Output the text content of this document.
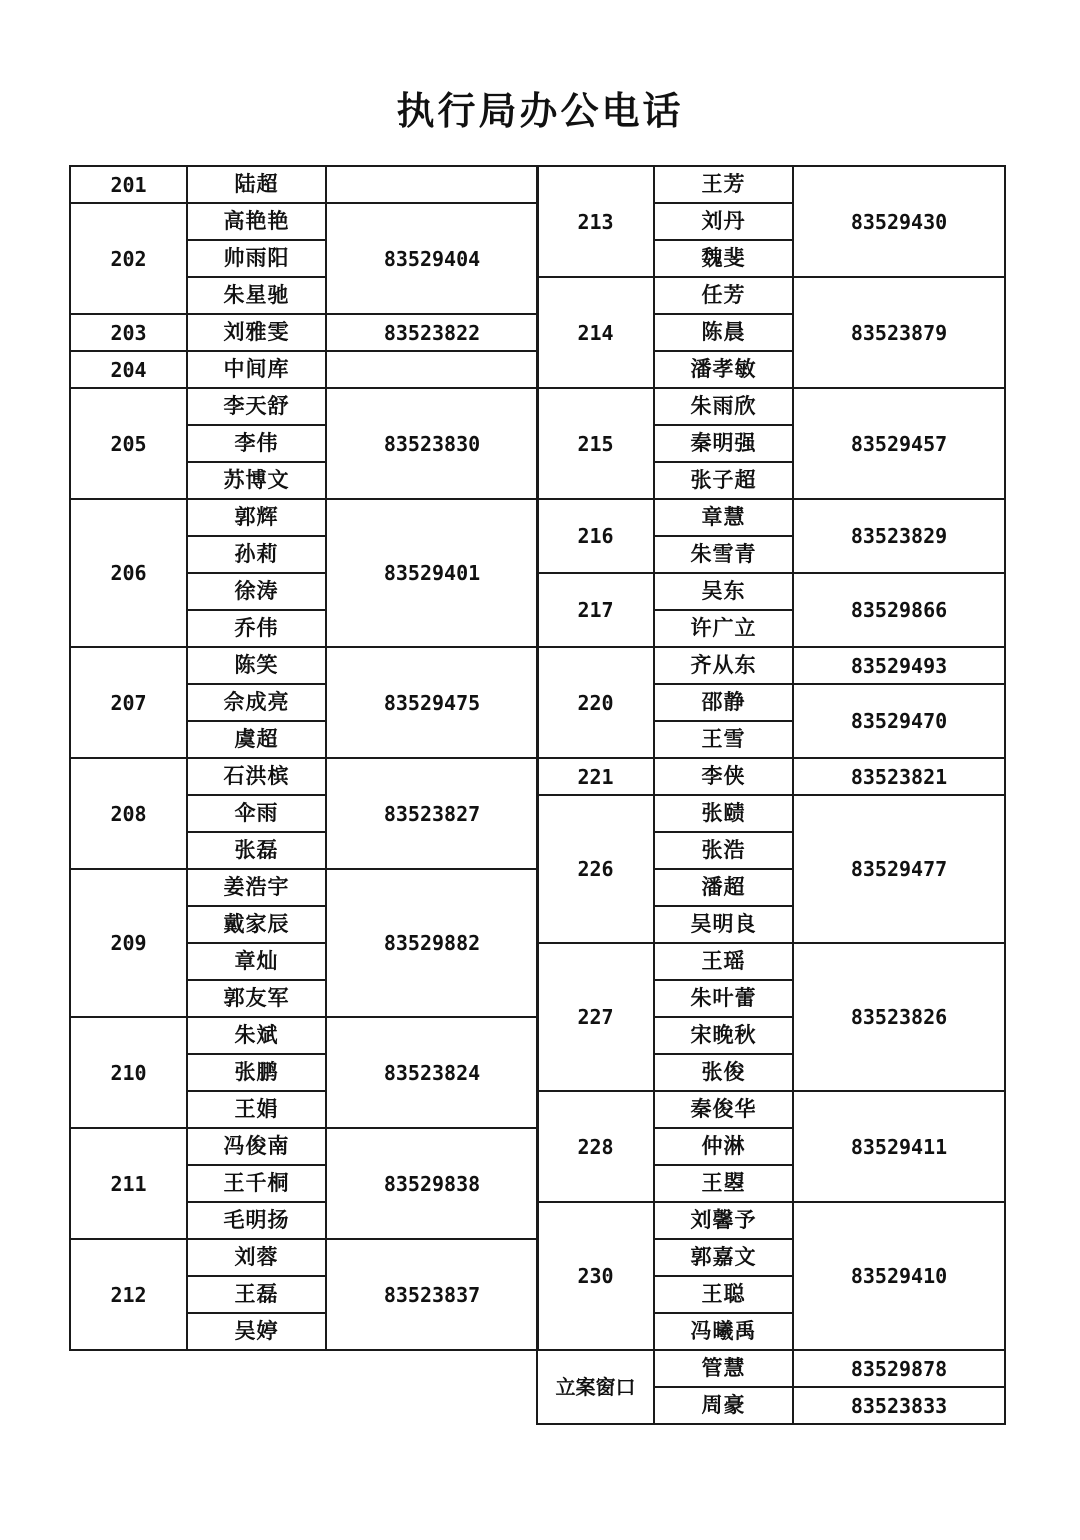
执行局办公电话
201	陆超	
202	高艳艳	83529404
	帅雨阳	
	朱星驰	
203	刘雅雯	83523822
204	中间库	
205	李天舒	83523830
	李伟	
	苏博文	
206	郭辉	83529401
	孙莉	
	徐涛	
	乔伟	
207	陈笑	83529475
	佘成亮	
	虞超	
208	石洪槟	83523827
	伞雨	
	张磊	
209	姜浩宇	83529882
	戴家辰	
	章灿	
	郭友军	
210	朱斌	83523824
	张鹏	
	王娟	
211	冯俊南	83529838
	王千桐	
	毛明扬	
212	刘蓉	83523837
	王磊	
	吴婷	

213	王芳	83529430
	刘丹	
	魏斐	
214	任芳	83523879
	陈晨	
	潘孝敏	
215	朱雨欣	83529457
	秦明强	
	张子超	
216	章慧	83523829
	朱雪青	
217	吴东	83529866
	许广立	
220	齐从东	83529493
	邵静	83529470
	王雪	
221	李侠	83523821
226	张赜	83529477
	张浩	
	潘超	
	吴明良	
227	王瑶	83523826
	朱叶蕾	
	宋晚秋	
	张俊	
228	秦俊华	83529411
	仲淋	
	王曌	
230	刘馨予	83529410
	郭嘉文	
	王聪	
	冯曦禹	
立案窗口	管慧	83529878
	周豪	83523833
